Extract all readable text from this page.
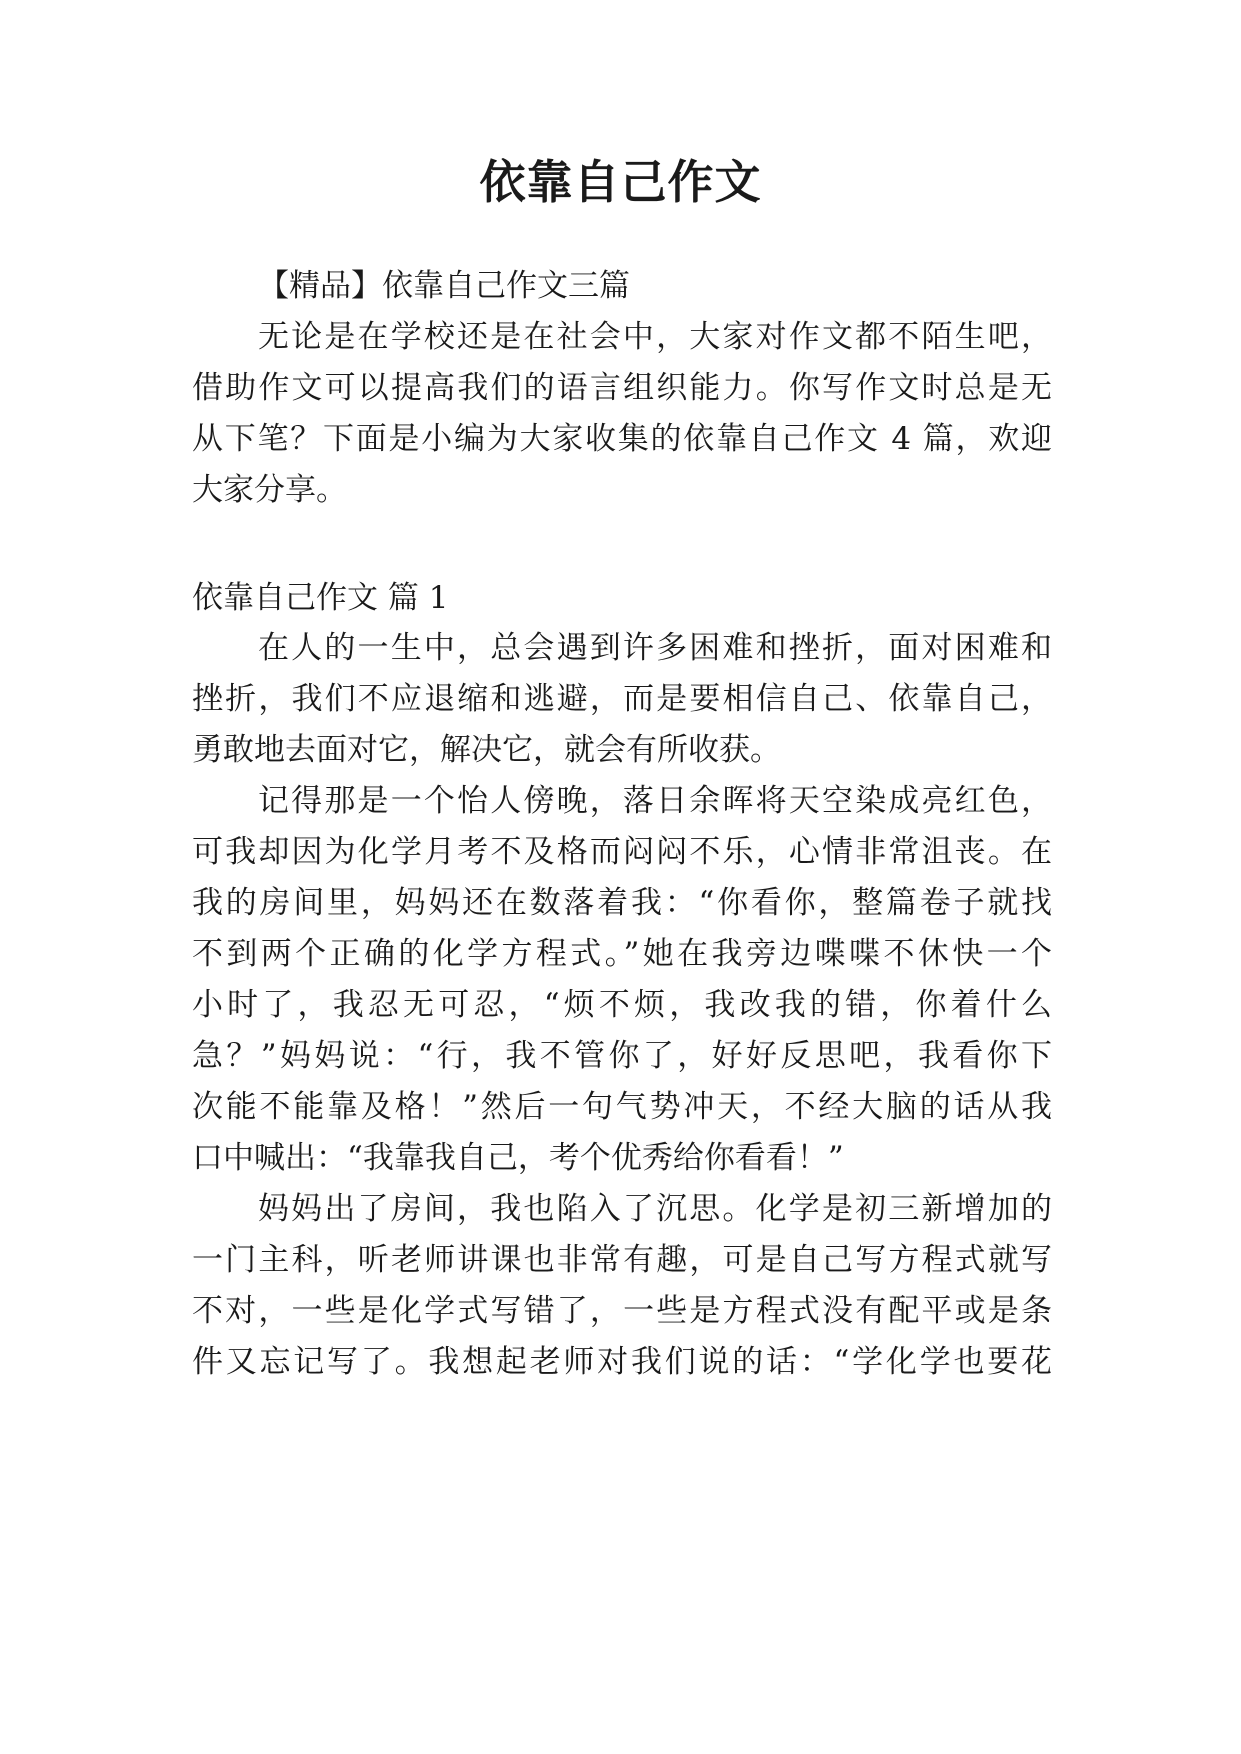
依靠自己作文
【精品】依靠自己作文三篇
无论是在学校还是在社会中，大家对作文都不陌生吧，
借助作文可以提高我们的语言组织能力。你写作文时总是无
从下笔？下面是小编为大家收集的依靠自己作文 4 篇，欢迎
大家分享。
依靠自己作文 篇 1
在人的一生中，总会遇到许多困难和挫折，面对困难和
挫折，我们不应退缩和逃避，而是要相信自己、依靠自己，
勇敢地去面对它，解决它，就会有所收获。
记得那是一个怡人傍晚，落日余晖将天空染成亮红色，
可我却因为化学月考不及格而闷闷不乐，心情非常沮丧。在
我的房间里，妈妈还在数落着我：“你看你，整篇卷子就找
不到两个正确的化学方程式。”她在我旁边喋喋不休快一个
小时了，我忍无可忍，“烦不烦，我改我的错，你着什么
急？”妈妈说：“行，我不管你了，好好反思吧，我看你下
次能不能靠及格！”然后一句气势冲天，不经大脑的话从我
口中喊出：“我靠我自己，考个优秀给你看看！”
妈妈出了房间，我也陷入了沉思。化学是初三新增加的
一门主科，听老师讲课也非常有趣，可是自己写方程式就写
不对，一些是化学式写错了，一些是方程式没有配平或是条
件又忘记写了。我想起老师对我们说的话：“学化学也要花
